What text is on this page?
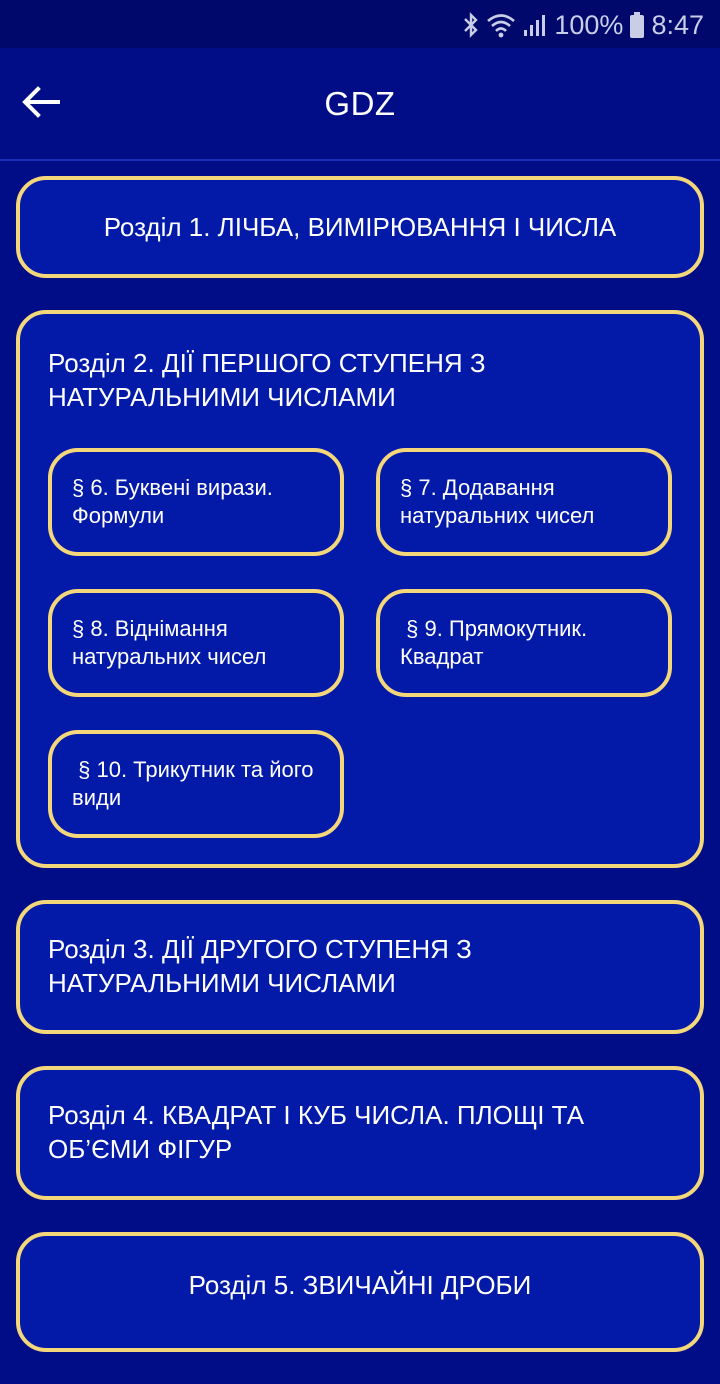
100% 8:47
GDZ
Розділ 1. ЛІЧБА, ВИМІРЮВАННЯ І ЧИСЛА
Розділ 2. ДІЇ ПЕРШОГО СТУПЕНЯ З НАТУРАЛЬНИМИ ЧИСЛАМИ
§ 6. Буквені вирази. Формули
§ 7. Додавання натуральних чисел
§ 8. Віднімання натуральних чисел
§ 9. Прямокутник. Квадрат
§ 10. Трикутник та його види
Розділ 3. ДІЇ ДРУГОГО СТУПЕНЯ З НАТУРАЛЬНИМИ ЧИСЛАМИ
Розділ 4. КВАДРАТ І КУБ ЧИСЛА. ПЛОЩІ ТА ОБ’ЄМИ ФІГУР
Розділ 5. ЗВИЧАЙНІ ДРОБИ
